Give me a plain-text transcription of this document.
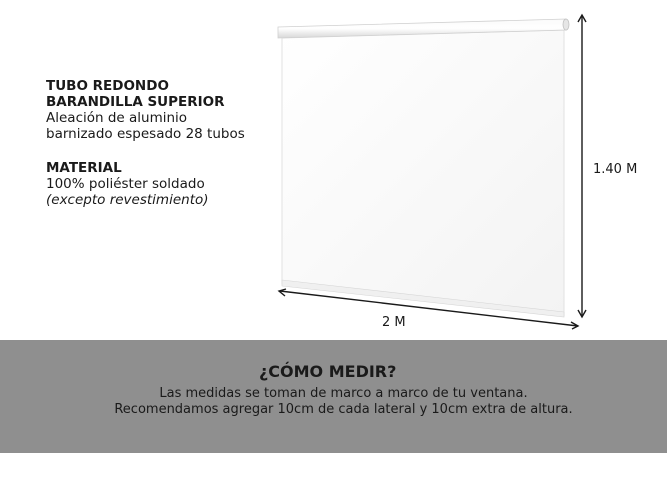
TUBO REDONDO
BARANDILLA SUPERIOR
Aleación de aluminio
barnizado espesado 28 tubos
MATERIAL
100% poliéster soldado
(excepto revestimiento)
1.40 M
2 M
¿CÓMO MEDIR?
Las medidas se toman de marco a marco de tu ventana.
Recomendamos agregar 10cm de cada lateral y 10cm extra de altura.
